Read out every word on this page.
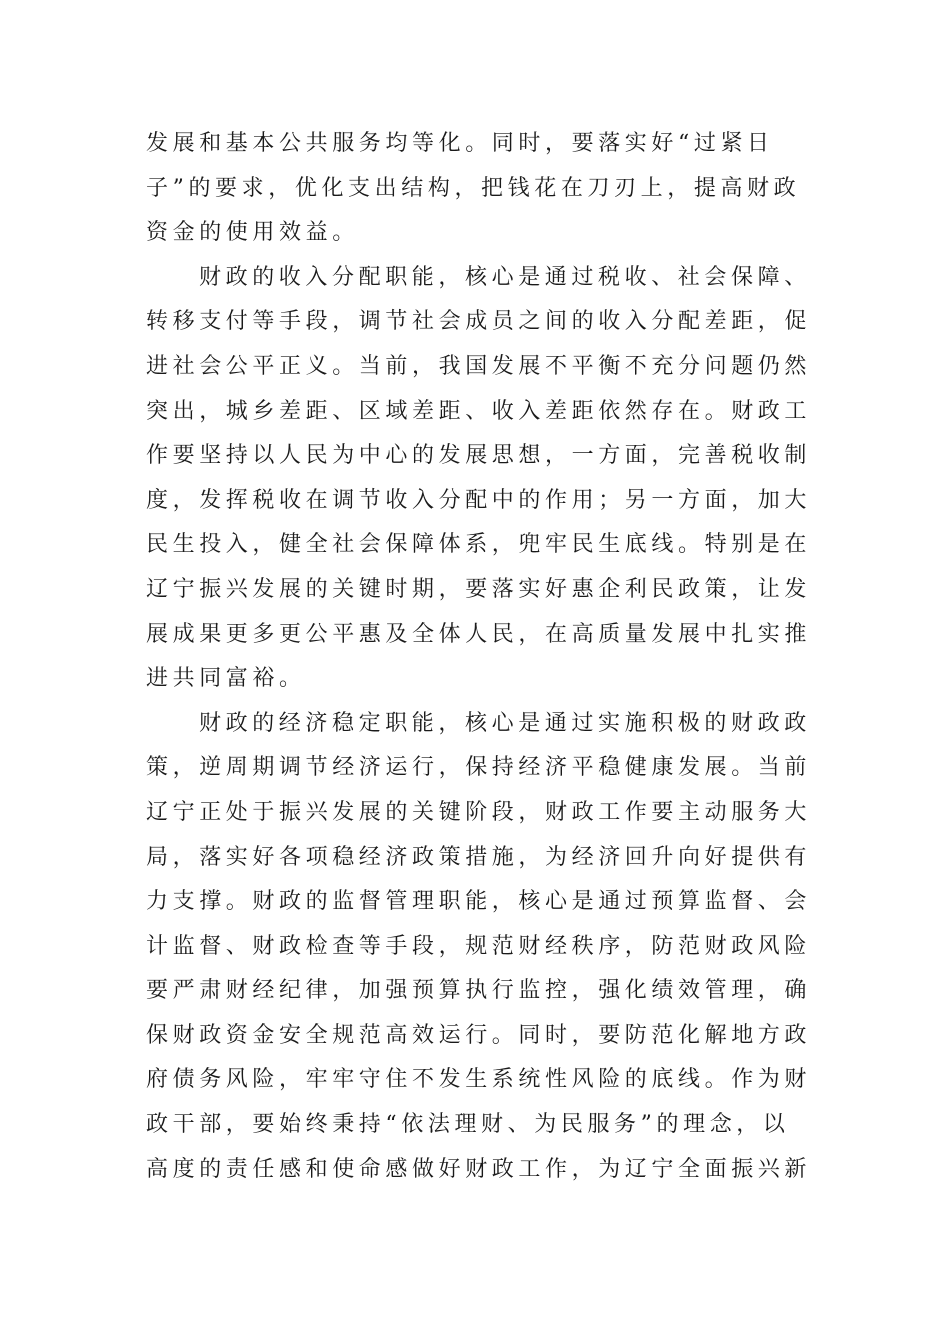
发展和基本公共服务均等化。同时，要落实好“过紧日
子”的要求，优化支出结构，把钱花在刀刃上，提高财政
资金的使用效益。
财政的收入分配职能，核心是通过税收、社会保障、
转移支付等手段，调节社会成员之间的收入分配差距，促
进社会公平正义。当前，我国发展不平衡不充分问题仍然
突出，城乡差距、区域差距、收入差距依然存在。财政工
作要坚持以人民为中心的发展思想，一方面，完善税收制
度，发挥税收在调节收入分配中的作用；另一方面，加大
民生投入，健全社会保障体系，兜牢民生底线。特别是在
辽宁振兴发展的关键时期，要落实好惠企利民政策，让发
展成果更多更公平惠及全体人民，在高质量发展中扎实推
进共同富裕。
财政的经济稳定职能，核心是通过实施积极的财政政
策，逆周期调节经济运行，保持经济平稳健康发展。当前
辽宁正处于振兴发展的关键阶段，财政工作要主动服务大
局，落实好各项稳经济政策措施，为经济回升向好提供有
力支撑。财政的监督管理职能，核心是通过预算监督、会
计监督、财政检查等手段，规范财经秩序，防范财政风险
要严肃财经纪律，加强预算执行监控，强化绩效管理，确
保财政资金安全规范高效运行。同时，要防范化解地方政
府债务风险，牢牢守住不发生系统性风险的底线。作为财
政干部，要始终秉持“依法理财、为民服务”的理念，以
高度的责任感和使命感做好财政工作，为辽宁全面振兴新
